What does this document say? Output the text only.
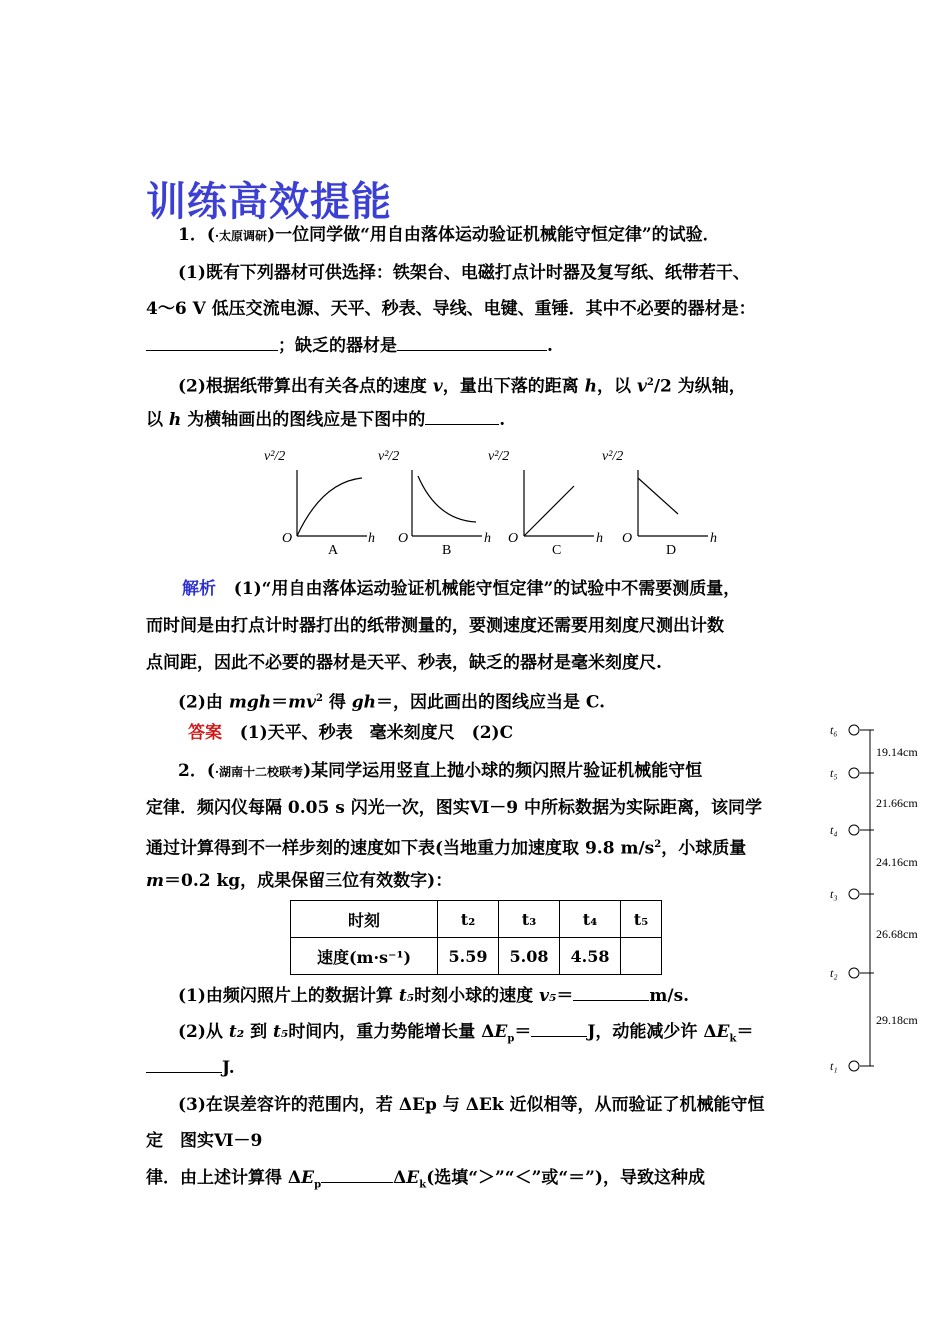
训练高效提能
1．(·太原调研)一位同学做“用自由落体运动验证机械能守恒定律”的试验．
(1)既有下列器材可供选择：铁架台、电磁打点计时器及复写纸、纸带若干、
4～6 V 低压交流电源、天平、秒表、导线、电键、重锤．其中不必要的器材是：
；缺乏的器材是	.
(2)根据纸带算出有关各点的速度 v，量出下落的距离 h，以 $v^2/2$ 为纵轴，
以 h 为横轴画出的图线应是下图中的	.
v²/2
O	h
A
v²/2
O	h
B
v²/2
O	h
C
v²/2
O	h
D
解析 (1)“用自由落体运动验证机械能守恒定律”的试验中不需要测质量，
而时间是由打点计时器打出的纸带测量的，要测速度还需要用刻度尺测出计数
点间距，因此不必要的器材是天平、秒表，缺乏的器材是毫米刻度尺.
(2)由 $mgh=mv^2$ 得 gh＝，因此画出的图线应当是 C.
答案 (1)天平、秒表　毫米刻度尺　(2)C
2．(·湖南十二校联考)某同学运用竖直上抛小球的频闪照片验证机械能守恒
定律．频闪仪每隔 0.05 s 闪光一次，图实Ⅵ－9 中所标数据为实际距离，该同学
通过计算得到不一样步刻的速度如下表(当地重力加速度取 9.8 $m/s^2$，小球质量
m＝0.2 kg，成果保留三位有效数字)：
时刻	t₂	t₃	t₄	t₅
速度(m·s⁻¹)	5.59	5.08	4.58	
(1)由频闪照片上的数据计算 t₅时刻小球的速度 v₅＝	m/s.
(2)从 t₂ 到 t₅时间内，重力势能增长量 $\Delta E_p=$	J，动能减少许 $\Delta E_k=$
J.
(3)在误差容许的范围内，若 ΔEp 与 ΔEk 近似相等，从而验证了机械能守恒
定　图实Ⅵ－9
律．由上述计算得 $\Delta E_p$	$\Delta E_k$(选填“＞”“＜”或“＝”)，导致这种成
t₆
t₅
t₄
t₃
t₂
t₁
19.14cm
21.66cm
24.16cm
26.68cm
29.18cm
